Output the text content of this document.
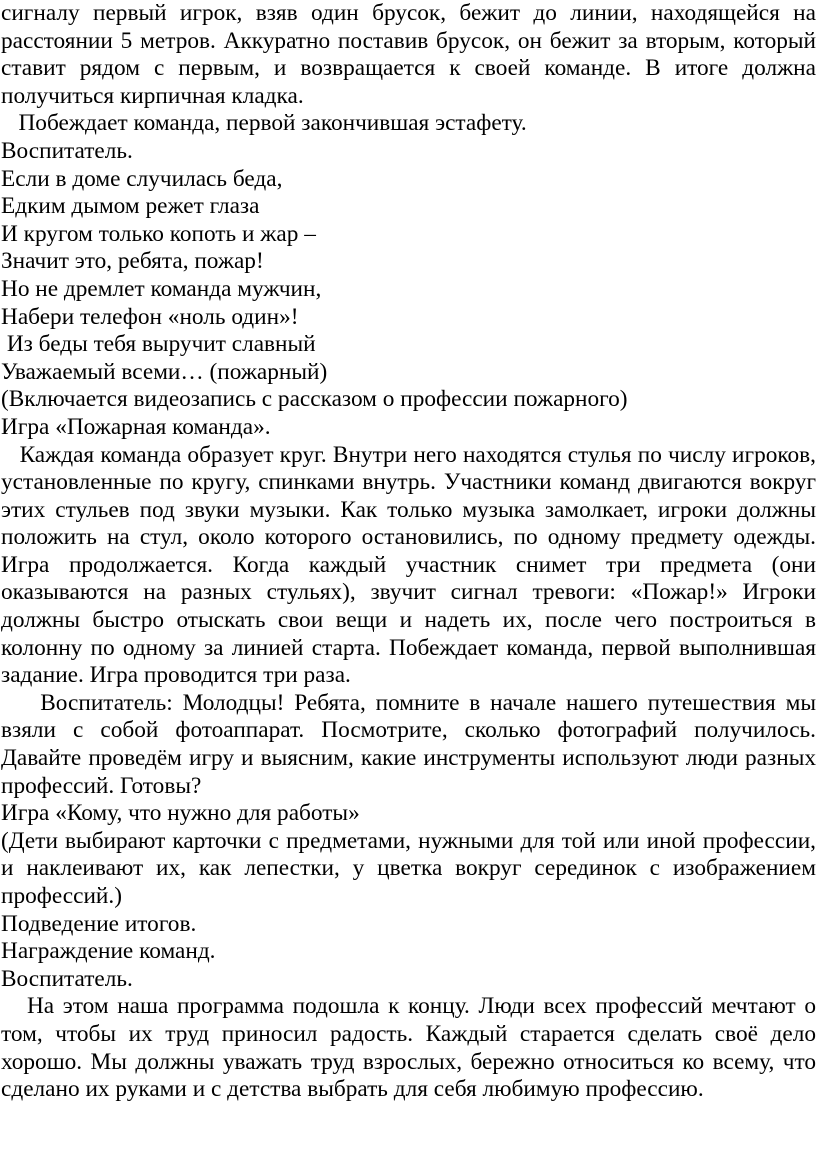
сигналу первый игрок, взяв один брусок, бежит до линии, находящейся на расстоянии 5 метров. Аккуратно поставив брусок, он бежит за вторым, который ставит рядом с первым, и возвращается к своей команде. В итоге должна получиться кирпичная кладка.

Побеждает команда, первой закончившая эстафету.

Воспитатель.

Если в доме случилась беда,

Едким дымом режет глаза

И кругом только копоть и жар –

Значит это, ребята, пожар!

Но не дремлет команда мужчин,

Набери телефон «ноль один»!

Из беды тебя выручит славный

Уважаемый всеми… (пожарный)

(Включается видеозапись с рассказом о профессии пожарного)

Игра «Пожарная команда».

Каждая команда образует круг. Внутри него находятся стулья по числу игроков, установленные по кругу, спинками внутрь. Участники команд двигаются вокруг этих стульев под звуки музыки. Как только музыка замолкает, игроки должны положить на стул, около которого остановились, по одному предмету одежды. Игра продолжается. Когда каждый участник снимет три предмета (они оказываются на разных стульях), звучит сигнал тревоги: «Пожар!» Игроки должны быстро отыскать свои вещи и надеть их, после чего построиться в колонну по одному за линией старта. Побеждает команда, первой выполнившая задание. Игра проводится три раза.

Воспитатель: Молодцы! Ребята, помните в начале нашего путешествия мы взяли с собой фотоаппарат. Посмотрите, сколько фотографий получилось. Давайте проведём игру и выясним, какие инструменты используют люди разных профессий. Готовы?

Игра «Кому, что нужно для работы»

(Дети выбирают карточки с предметами, нужными для той или иной профессии, и наклеивают их, как лепестки, у цветка вокруг серединок с изображением профессий.)

Подведение итогов.

Награждение команд.

Воспитатель.

На этом наша программа подошла к концу. Люди всех профессий мечтают о том, чтобы их труд приносил радость. Каждый старается сделать своё дело хорошо. Мы должны уважать труд взрослых, бережно относиться ко всему, что сделано их руками и с детства выбрать для себя любимую профессию.
